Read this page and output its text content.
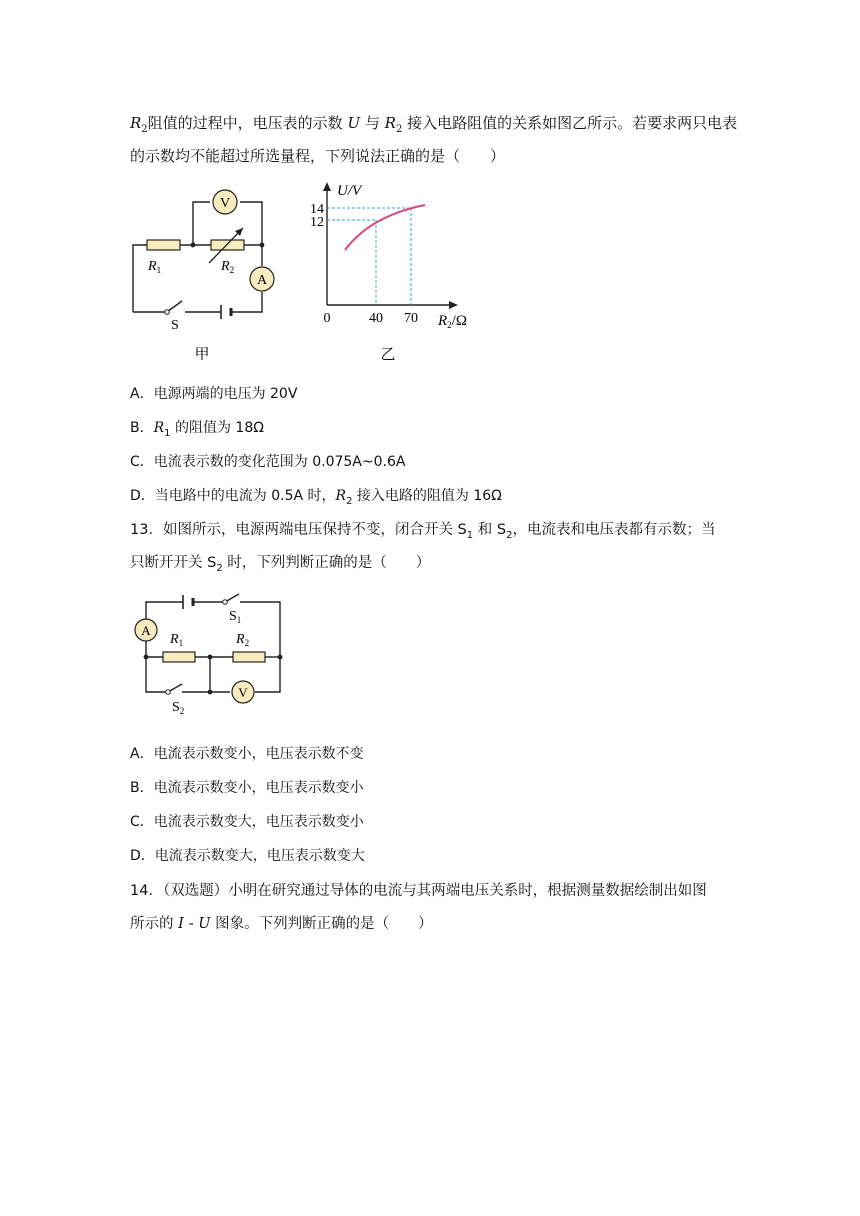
$R_2$阻值的过程中，电压表的示数 U 与 $R_2$ 接入电路阻值的关系如图乙所示。若要求两只电表
的示数均不能超过所选量程，下列说法正确的是（　　）
V
A
$R_1$	$R_2$
S
甲
U/V
14
12
0	40 70 $R_2/\Omega$
乙
A．电源两端的电压为 20V
B．$R_1$ 的阻值为 18Ω
C．电流表示数的变化范围为 0.075A~0.6A
D．当电路中的电流为 0.5A 时，$R_2$ 接入电路的阻值为 16Ω
13．如图所示，电源两端电压保持不变，闭合开关 $S_1$ 和 $S_2$，电流表和电压表都有示数；当
只断开开关 $S_2$ 时，下列判断正确的是（　　）
A
V
$R_1$	$R_2$
$S_1$
$S_2$
A．电流表示数变小，电压表示数不变
B．电流表示数变小，电压表示数变小
C．电流表示数变大，电压表示数变小
D．电流表示数变大，电压表示数变大
14．（双选题）小明在研究通过导体的电流与其两端电压关系时，根据测量数据绘制出如图
所示的 I - U 图象。下列判断正确的是（　　）
